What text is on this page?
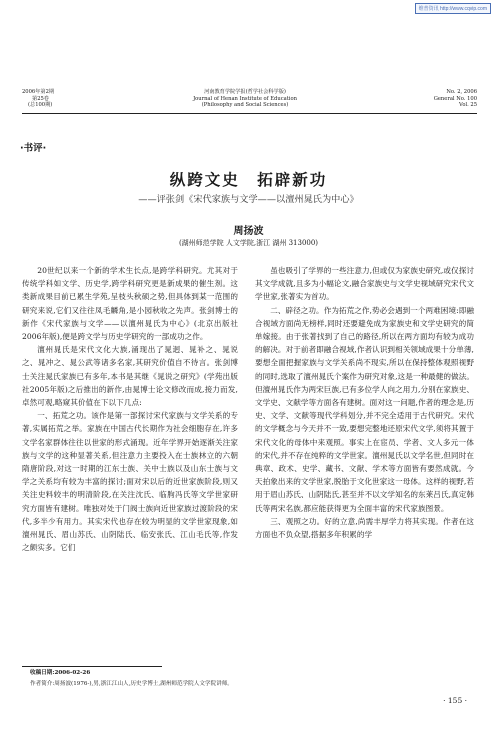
维普资讯 http://www.cqvip.com
2006年第2期
第25卷
(总100期)
河南教育学院学报(哲学社会科学版)
Journal of Henan Institute of Education
(Philosophy and Social Sciences)
No. 2, 2006
General No. 100
Vol. 25
·书评·
纵跨文史　拓辟新功
——评张剑《宋代家族与文学——以澶州晁氏为中心》
周扬波
(湖州师范学院 人文学院,浙江 湖州 313000)

20世纪以来一个新的学术生长点,是跨学科研究。尤其对于传统学科如文学、历史学,跨学科研究更是新成果的催生剂。这类新成果目前已累生学苑,呈枝头秋硕之势,但具体到某一范围的研究来说,它们又往往凤毛麟角,是小园秋收之先声。张剑博士的新作《宋代家族与文学——以澶州晁氏为中心》(北京出版社2006年版),便是跨文学与历史学研究的一部成功之作。

澶州晁氏是宋代文化大族,涌现出了晁迥、晁补之、晁说之、晁冲之、晁公武等诸多名家,其研究价值自不待言。张剑博士关注晁氏家族已有多年,本书是其继《晁说之研究》(学苑出版社2005年版)之后推出的新作,由晁博士论文修改而成,接力而发,卓然可观,略窥其价值在下以下几点:

一、拓荒之功。该作是第一部探讨宋代家族与文学关系的专著,实属拓荒之举。家族在中国古代长期作为社会细胞存在,许多文学名家群体往往以世家的形式涌现。近年学界开始逐渐关注家族与文学的这种显著关系,但注意力主要投入在士族林立的六朝隋唐阶段,对这一时期的江东士族、关中士族以及山东士族与文学之关系均有较为丰富的探讨;面对宋以后的近世家族阶段,则又关注史料较丰的明清阶段,在关注沈氏、临朐冯氏等文学世家研究方面皆有建树。唯独对处于门阀士族向近世家族过渡阶段的宋代,多半少有用力。其实宋代也存在较为明显的文学世家现象,如澶州晁氏、眉山苏氏、山阴陆氏、临安张氏、江山毛氏等,作发之颇实多。它们

虽也吸引了学界的一些注意力,但或仅为家族史研究,或仅探讨其文学成就,且多为小幅论文,融合家族史与文学史视域研究宋代文学世家,张著实为首功。

二、辟径之功。作为拓荒之作,势必会遇到一个两难困境:即融合视域方面尚无榜样,同时还要避免成为家族史和文学史研究的简单嫁接。由于张著找到了自己的路径,所以在两方面均有较为成功的解决。对于前者即融合视域,作者认识到相关领域成果十分单薄,要想全面把握家族与文学关系尚不现实,所以在保持整体观照视野的同时,选取了澶州晁氏个案作为研究对象,这是一种最健的做法。但澶州晁氏作为两宋巨族,已有多位学人向之用力,分别在家族史、文学史、文献学等方面各有建树。面对这一问题,作者的理念是,历史、文学、文献等现代学科划分,并不完全适用于古代研究。宋代的文学概念与今天并不一致,要想完整地还原宋代文学,须将其置于宋代文化的母体中来观照。事实上在宦员、学者、文人多元一体的宋代,并不存在纯粹的文学世家。澶州晁氏以文学名世,但同时在典章、政术、史学、藏书、文献、学术等方面皆有要然成就。今天拍象出来的文学世家,脱胎于文化世家这一母体。这样的视野,若用于眉山苏氏、山阴陆氏,甚至并不以文学知名的东莱吕氏,真定韩氏等两宋名族,都应能获得更为全面丰富的宋代家族图景。

三、观照之功。好的立意,尚需丰厚学力将其实现。作者在这方面也不负众望,搭据多年积累的学

收稿日期:2006-02-26
作者简介:周扬波(1976-),男,浙江江山人,历史学博士,湖州师范学院人文学院讲师。
· 155 ·
